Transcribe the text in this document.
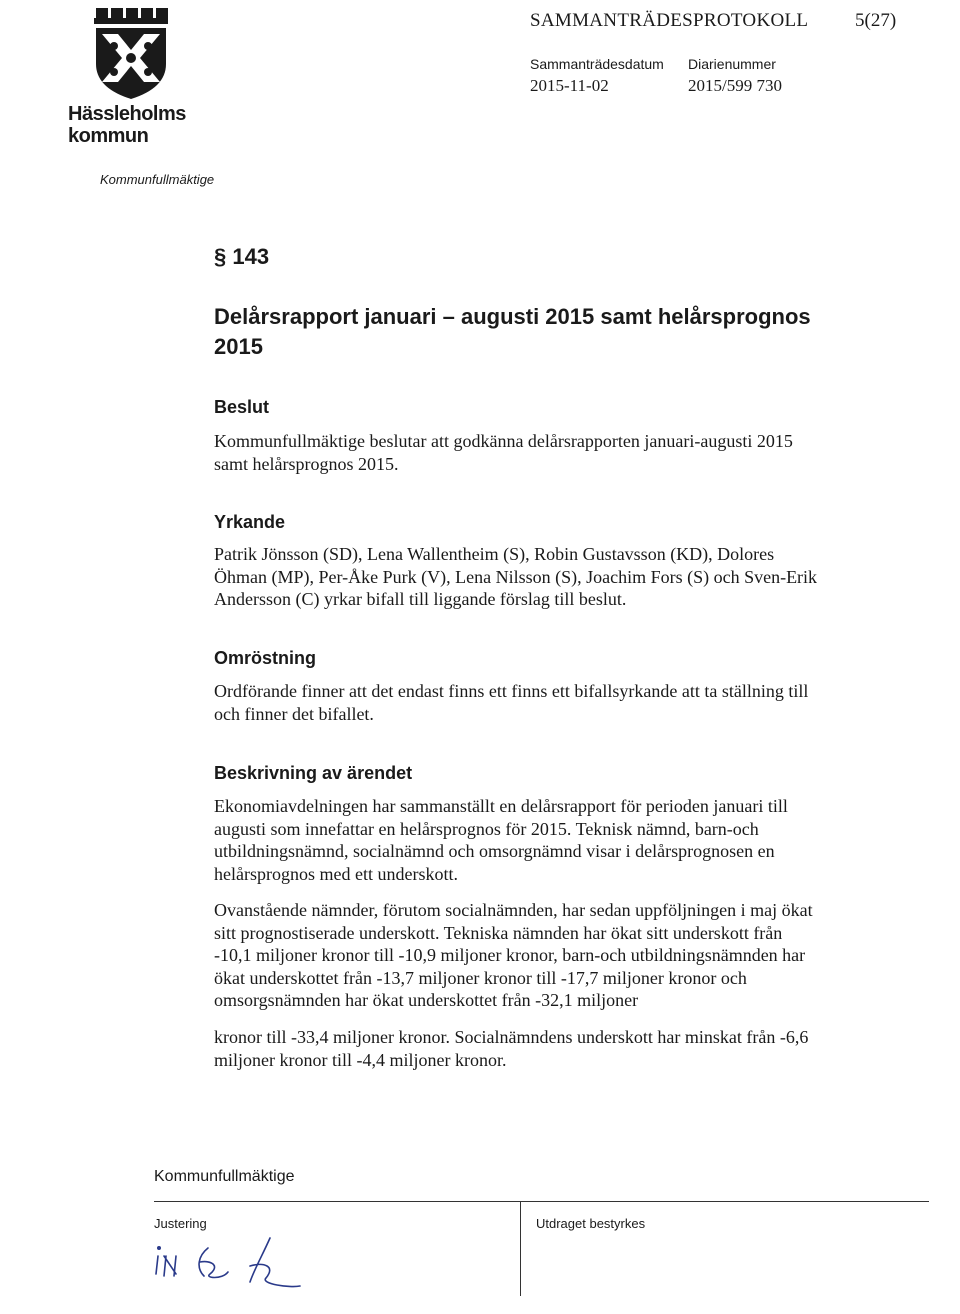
Hässleholms kommun
SAMMANTRÄDESPROTOKOLL 5(27)
Sammanträdesdatum
2015-11-02
Diarienummer
2015/599 730
Kommunfullmäktige
§ 143
Delårsrapport januari – augusti 2015 samt helårsprognos 2015
Beslut
Kommunfullmäktige beslutar att godkänna delårsrapporten januari-augusti 2015 samt helårsprognos 2015.
Yrkande
Patrik Jönsson (SD), Lena Wallentheim (S), Robin Gustavsson (KD), Dolores Öhman (MP), Per-Åke Purk (V), Lena Nilsson (S), Joachim Fors (S) och Sven-Erik Andersson (C) yrkar bifall till liggande förslag till beslut.
Omröstning
Ordförande finner att det endast finns ett finns ett bifallsyrkande att ta ställning till och finner det bifallet.
Beskrivning av ärendet
Ekonomiavdelningen har sammanställt en delårsrapport för perioden januari till augusti som innefattar en helårsprognos för 2015. Teknisk nämnd, barn-och utbildningsnämnd, socialnämnd och omsorgnämnd visar i delårsprognosen en helårsprognos med ett underskott.
Ovanstående nämnder, förutom socialnämnden, har sedan uppföljningen i maj ökat sitt prognostiserade underskott. Tekniska nämnden har ökat sitt underskott från -10,1 miljoner kronor till -10,9 miljoner kronor, barn-och utbildningsnämnden har ökat underskottet från -13,7 miljoner kronor till -17,7 miljoner kronor och omsorgsnämnden har ökat underskottet från -32,1 miljoner
kronor till -33,4 miljoner kronor. Socialnämndens underskott har minskat från -6,6 miljoner kronor till -4,4 miljoner kronor.
Kommunfullmäktige
Justering	Utdraget bestyrkes
